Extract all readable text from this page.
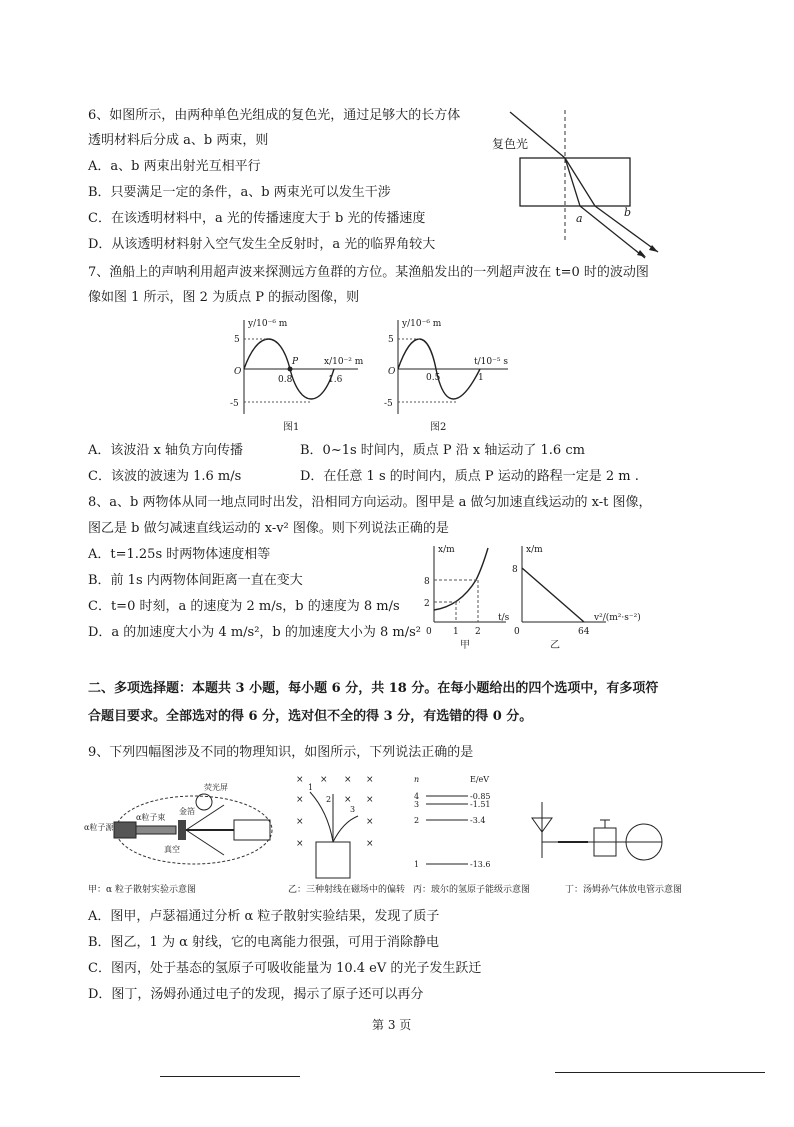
6、如图所示，由两种单色光组成的复色光，通过足够大的长方体
透明材料后分成 a、b 两束，则
A．a、b 两束出射光互相平行
B．只要满足一定的条件，a、b 两束光可以发生干涉
C．在该透明材料中，a 光的传播速度大于 b 光的传播速度
D．从该透明材料射入空气发生全反射时，a 光的临界角较大
复色光
a	b
7、渔船上的声呐利用超声波来探测远方鱼群的方位。某渔船发出的一列超声波在 t=0 时的波动图
像如图 1 所示，图 2 为质点 P 的振动图像，则
y/10⁻⁶ m
x/10⁻² m
5
-5
O
P
0.8	1.6
图1
y/10⁻⁶ m
t/10⁻⁵ s
5
-5
O
0.5	1
图2
A．该波沿 x 轴负方向传播	B．0~1s 时间内，质点 P 沿 x 轴运动了 1.6 cm
C．该波的波速为 1.6 m/s	D．在任意 1 s 的时间内，质点 P 运动的路程一定是 2 m .
8、a、b 两物体从同一地点同时出发，沿相同方向运动。图甲是 a 做匀加速直线运动的 x-t 图像，
图乙是 b 做匀减速直线运动的 x-v² 图像。则下列说法正确的是
A．t=1.25s 时两物体速度相等
B．前 1s 内两物体间距离一直在变大
C．t=0 时刻，a 的速度为 2 m/s，b 的速度为 8 m/s
D．a 的加速度大小为 4 m/s²，b 的加速度大小为 8 m/s²
x/m
t/s
8
2
0 1 2
甲
x/m
v²/(m²·s⁻²)
8
0	64
乙
二、多项选择题：本题共 3 小题，每小题 6 分，共 18 分。在每小题给出的四个选项中，有多项符
合题目要求。全部选对的得 6 分，选对但不全的得 3 分，有选错的得 0 分。
9、下列四幅图涉及不同的物理知识，如图所示，下列说法正确的是
α粒子源
荧光屏
金箔
α粒子束
真空
× × × ×
×	× ×
×	×
×	×
1
2
3
n	E/eV
4	-0.85
3	-1.51
2	-3.4
1	-13.6
甲：α 粒子散射实验示意图	乙：三种射线在磁场中的偏转 丙：玻尔的氢原子能级示意图	丁：汤姆孙气体放电管示意图
A．图甲，卢瑟福通过分析 α 粒子散射实验结果，发现了质子
B．图乙，1 为 α 射线，它的电离能力很强，可用于消除静电
C．图丙，处于基态的氢原子可吸收能量为 10.4 eV 的光子发生跃迁
D．图丁，汤姆孙通过电子的发现，揭示了原子还可以再分
第 3 页
